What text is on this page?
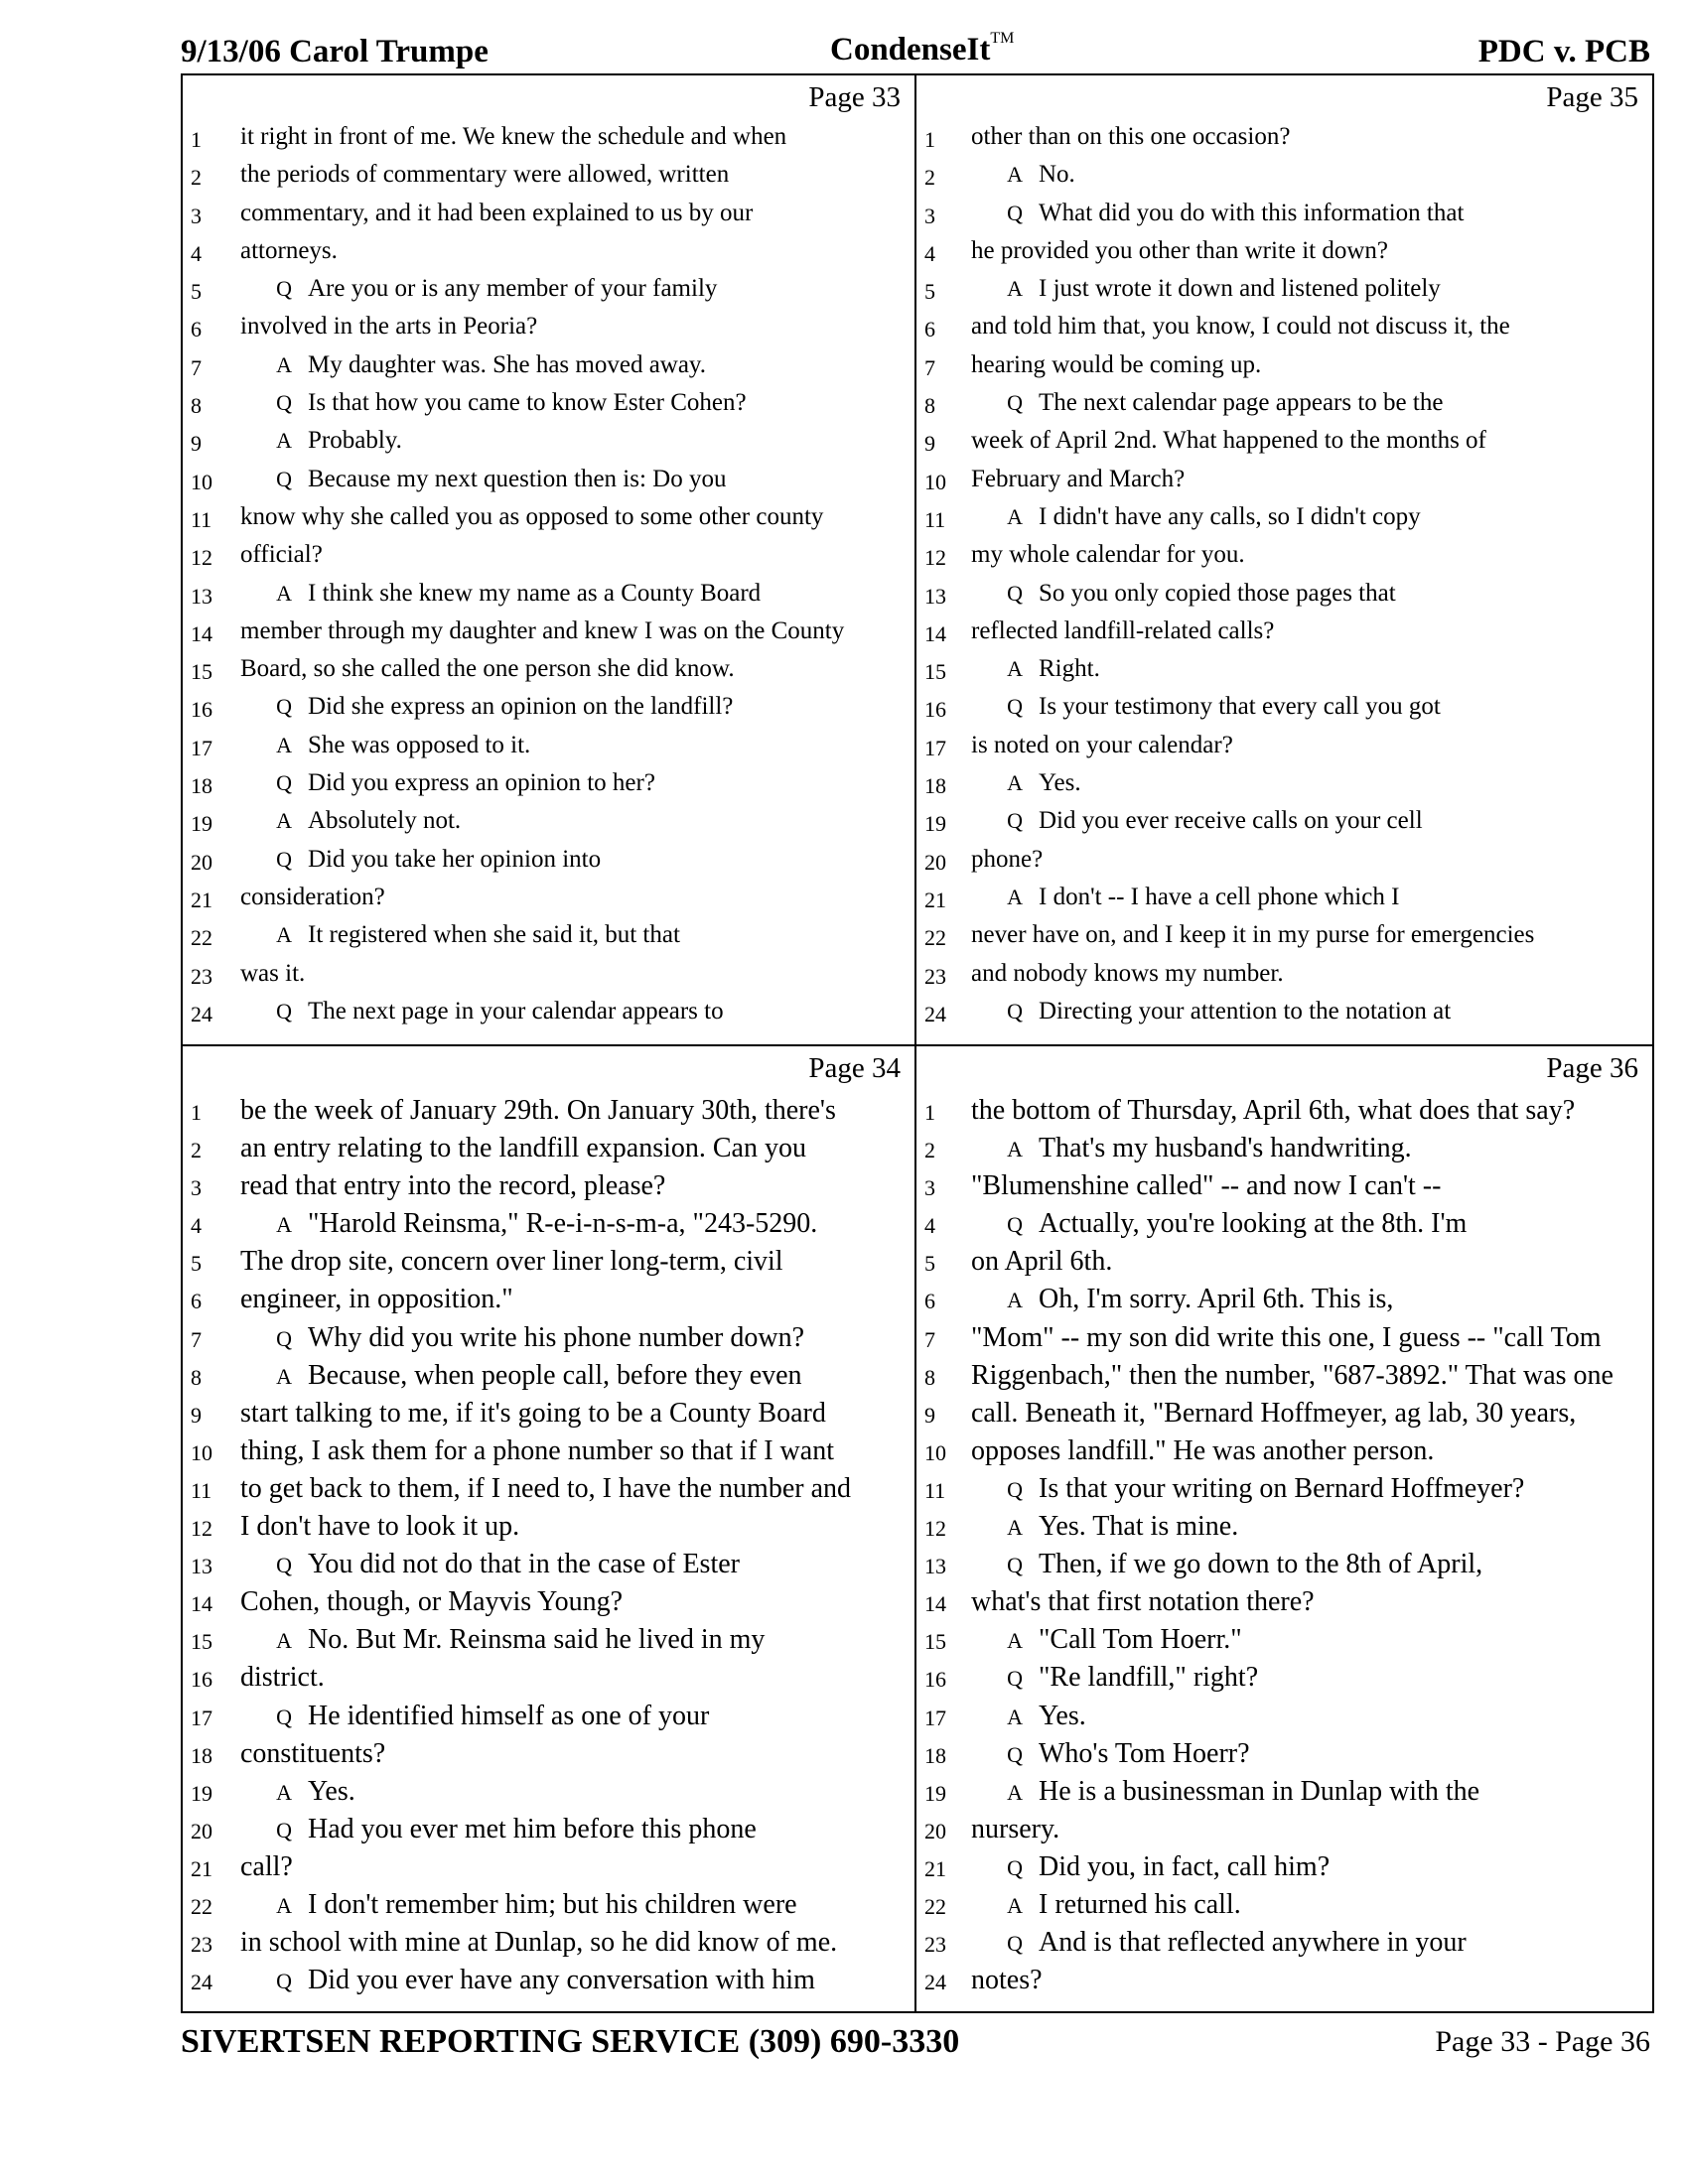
9/13/06 Carol Trumpe	CondenseIt™	PDC v. PCB
Page 33
1	it right in front of me. We knew the schedule and when
2	the periods of commentary were allowed, written
3	commentary, and it had been explained to us by our
4	attorneys.
5	Q Are you or is any member of your family
6	involved in the arts in Peoria?
7	A My daughter was. She has moved away.
8	Q Is that how you came to know Ester Cohen?
9	A Probably.
10	Q Because my next question then is: Do you
11 know why she called you as opposed to some other county
12 official?
13	A I think she knew my name as a County Board
14 member through my daughter and knew I was on the County
15 Board, so she called the one person she did know.
16	Q Did she express an opinion on the landfill?
17	A She was opposed to it.
18	Q Did you express an opinion to her?
19	A Absolutely not.
20	Q Did you take her opinion into
21 consideration?
22	A It registered when she said it, but that
23 was it.
24	Q The next page in your calendar appears to
Page 35
1	other than on this one occasion?
2	A No.
3	Q What did you do with this information that
4	he provided you other than write it down?
5	A I just wrote it down and listened politely
6	and told him that, you know, I could not discuss it, the
7	hearing would be coming up.
8	Q The next calendar page appears to be the
9	week of April 2nd. What happened to the months of
10 February and March?
11	A I didn't have any calls, so I didn't copy
12 my whole calendar for you.
13	Q So you only copied those pages that
14 reflected landfill-related calls?
15	A Right.
16	Q Is your testimony that every call you got
17 is noted on your calendar?
18	A Yes.
19	Q Did you ever receive calls on your cell
20 phone?
21	A I don't -- I have a cell phone which I
22 never have on, and I keep it in my purse for emergencies
23 and nobody knows my number.
24	Q Directing your attention to the notation at
Page 34
1	be the week of January 29th. On January 30th, there's
2	an entry relating to the landfill expansion. Can you
3	read that entry into the record, please?
4	A "Harold Reinsma," R-e-i-n-s-m-a, "243-5290.
5	The drop site, concern over liner long-term, civil
6	engineer, in opposition."
7	Q Why did you write his phone number down?
8	A Because, when people call, before they even
9	start talking to me, if it's going to be a County Board
10 thing, I ask them for a phone number so that if I want
11 to get back to them, if I need to, I have the number and
12 I don't have to look it up.
13	Q You did not do that in the case of Ester
14 Cohen, though, or Mayvis Young?
15	A No. But Mr. Reinsma said he lived in my
16 district.
17	Q He identified himself as one of your
18 constituents?
19	A Yes.
20	Q Had you ever met him before this phone
21 call?
22	A I don't remember him; but his children were
23 in school with mine at Dunlap, so he did know of me.
24	Q Did you ever have any conversation with him
Page 36
1	the bottom of Thursday, April 6th, what does that say?
2	A That's my husband's handwriting.
3	"Blumenshine called" -- and now I can't --
4	Q Actually, you're looking at the 8th. I'm
5	on April 6th.
6	A Oh, I'm sorry. April 6th. This is,
7	"Mom" -- my son did write this one, I guess -- "call Tom
8	Riggenbach," then the number, "687-3892." That was one
9	call. Beneath it, "Bernard Hoffmeyer, ag lab, 30 years,
10 opposes landfill." He was another person.
11	Q Is that your writing on Bernard Hoffmeyer?
12	A Yes. That is mine.
13	Q Then, if we go down to the 8th of April,
14 what's that first notation there?
15	A "Call Tom Hoerr."
16	Q "Re landfill," right?
17	A Yes.
18	Q Who's Tom Hoerr?
19	A He is a businessman in Dunlap with the
20 nursery.
21	Q Did you, in fact, call him?
22	A I returned his call.
23	Q And is that reflected anywhere in your
24 notes?
SIVERTSEN REPORTING SERVICE (309) 690-3330	Page 33 - Page 36
